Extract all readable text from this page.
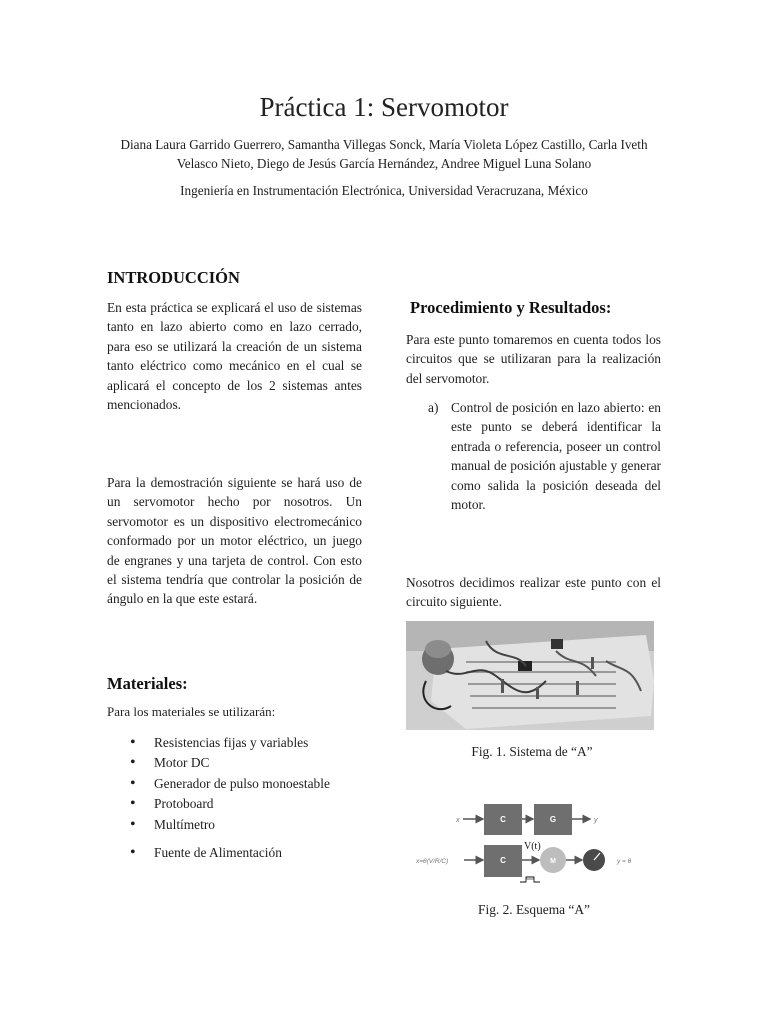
Práctica 1: Servomotor
Diana Laura Garrido Guerrero, Samantha Villegas Sonck, María Violeta López Castillo, Carla Iveth Velasco Nieto, Diego de Jesús García Hernández, Andree Miguel Luna Solano
Ingeniería en Instrumentación Electrónica, Universidad Veracruzana, México
INTRODUCCIÓN
En esta práctica se explicará el uso de sistemas tanto en lazo abierto como en lazo cerrado, para eso se utilizará la creación de un sistema tanto eléctrico como mecánico en el cual se aplicará el concepto de los 2 sistemas antes mencionados.
Para la demostración siguiente se hará uso de un servomotor hecho por nosotros. Un servomotor es un dispositivo electromecánico conformado por un motor eléctrico, un juego de engranes y una tarjeta de control. Con esto el sistema tendría que controlar la posición de ángulo en la que este estará.
Materiales:
Para los materiales se utilizarán:
• Resistencias fijas y variables
• Motor DC
• Generador de pulso monoestable
• Protoboard
• Multímetro
• Fuente de Alimentación
Procedimiento y Resultados:
Para este punto tomaremos en cuenta todos los circuitos que se utilizaran para la realización del servomotor.
a) Control de posición en lazo abierto: en este punto se deberá identificar la entrada o referencia, poseer un control manual de posición ajustable y generar como salida la posición deseada del motor.
Nosotros decidimos realizar este punto con el circuito siguiente.
Fig. 1. Sistema de “A”
x	C	G	y
x=θ(V/R/C)	C
V(t)
M	y = θ
Fig. 2. Esquema “A”
